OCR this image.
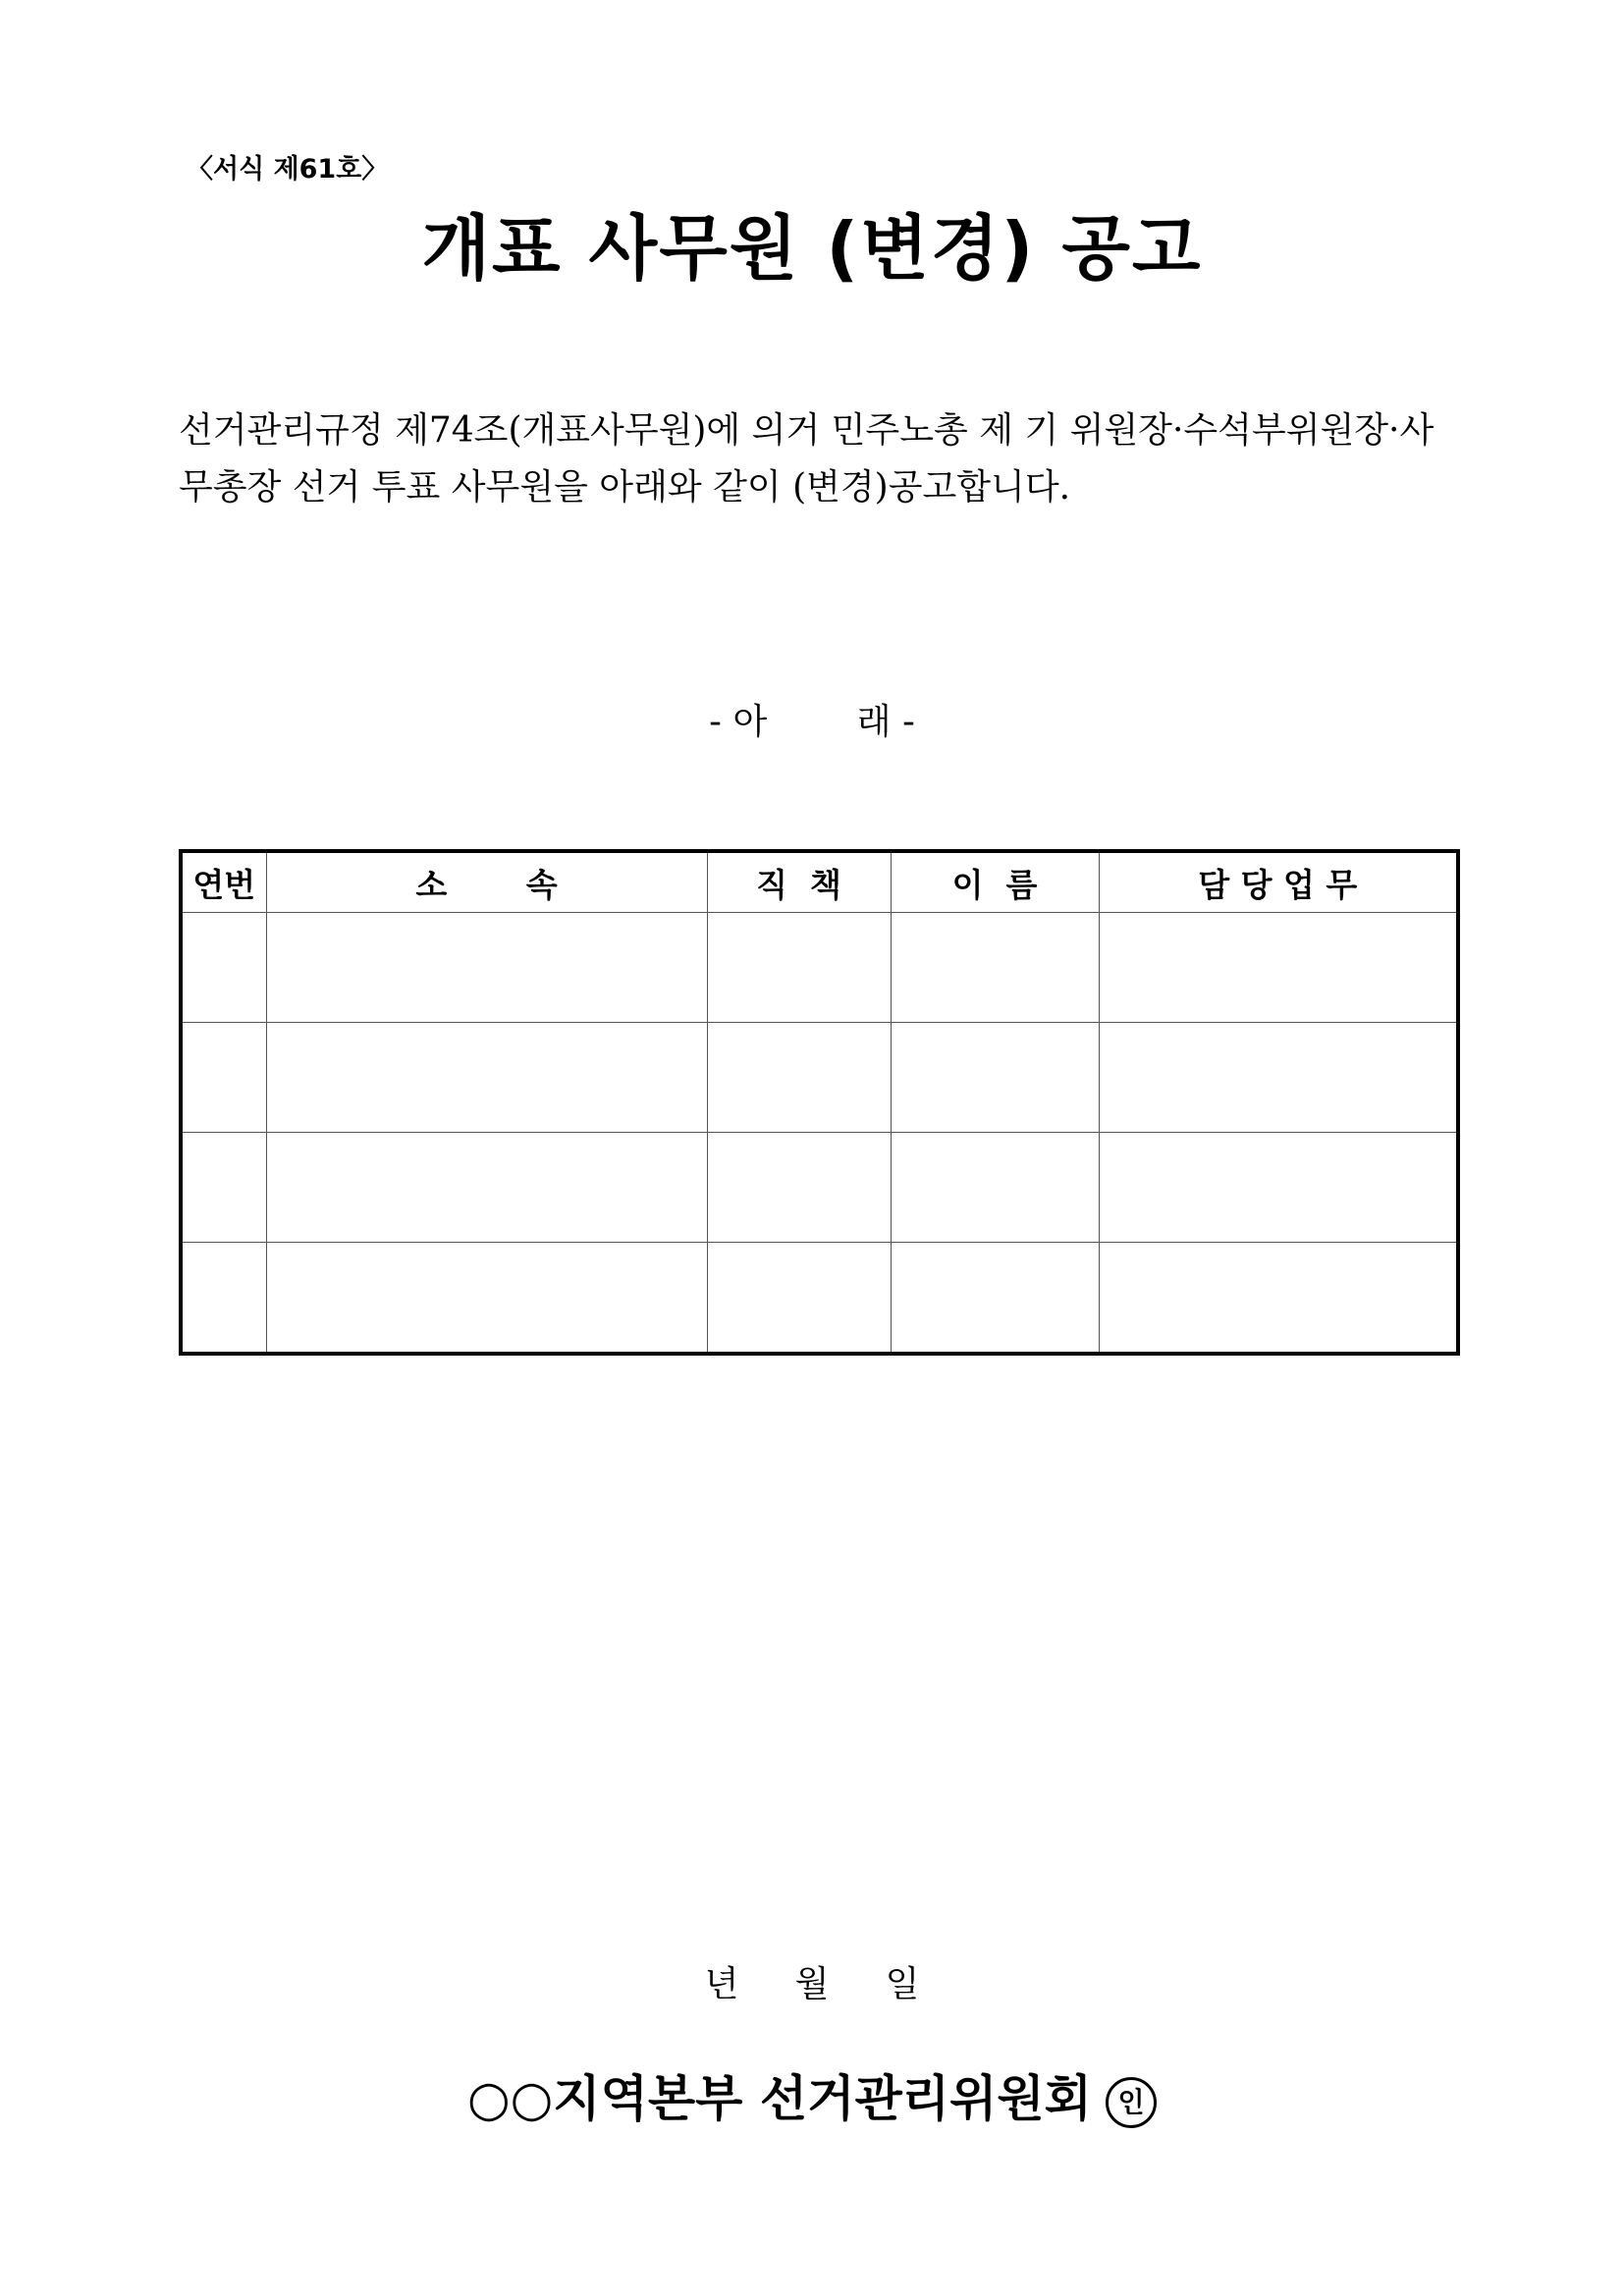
〈서식 제61호〉
개표 사무원 (변경) 공고
선거관리규정 제74조(개표사무원)에 의거 민주노총 제 기 위원장·수석부위원장·사
무총장 선거 투표 사무원을 아래와 같이 (변경)공고합니다.
- 아        래 -
연번	소       속	직  책	이  름	담 당 업 무

년     월     일
○○지역본부 선거관리위원회 인
